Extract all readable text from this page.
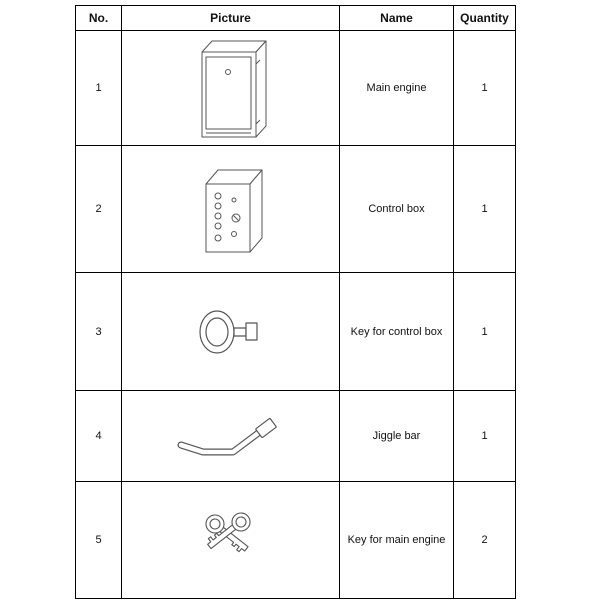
No.	Picture	Name	Quantity
1		Main engine	1
2		Control box	1
3		Key for control box	1
4		Jiggle bar	1
5		Key for main engine	2
